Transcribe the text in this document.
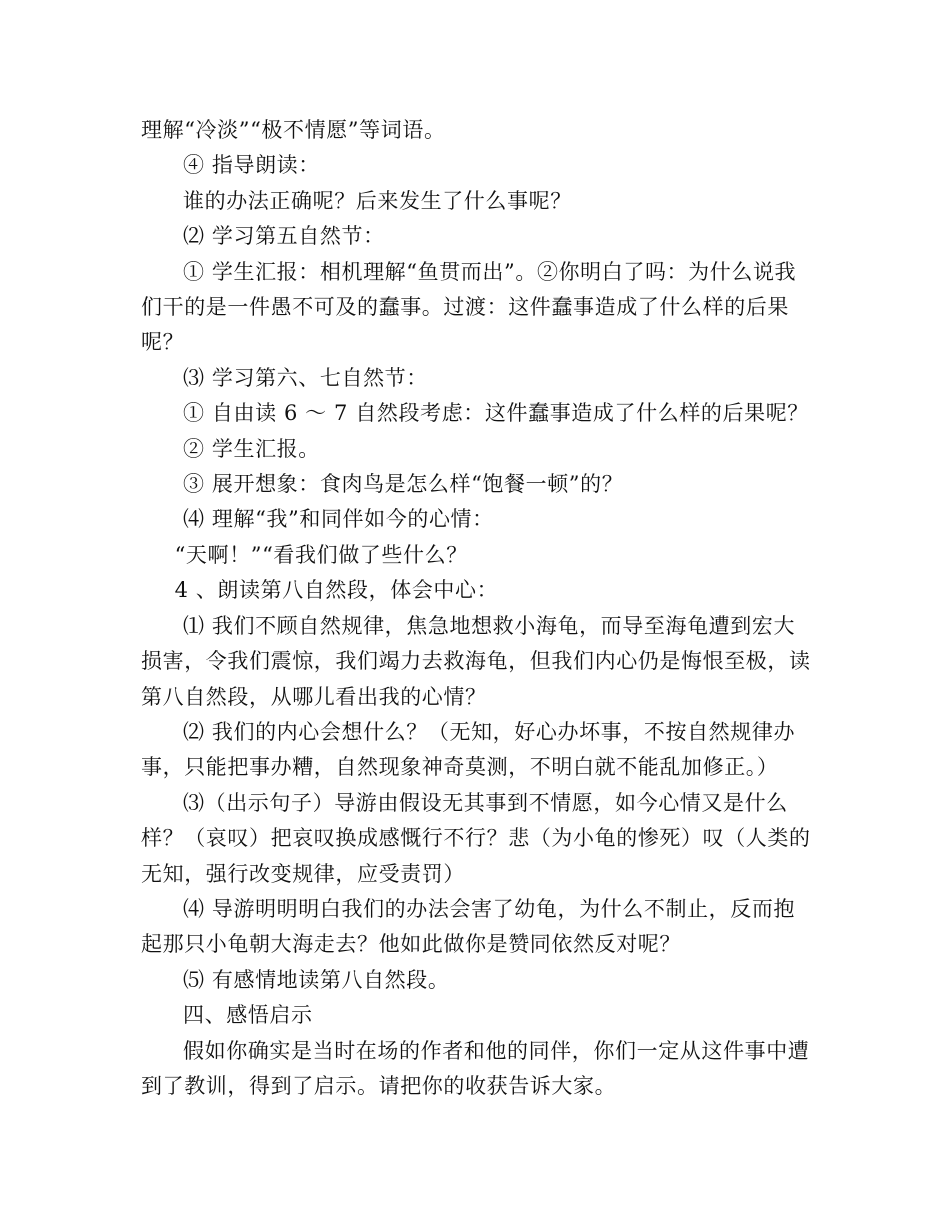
理解“冷淡”“极不情愿”等词语。

④ 指导朗读：

谁的办法正确呢？后来发生了什么事呢？

⑵ 学习第五自然节：

① 学生汇报：相机理解“鱼贯而出”。②你明白了吗：为什么说我们干的是一件愚不可及的蠢事。过渡：这件蠢事造成了什么样的后果呢？

⑶ 学习第六、七自然节：

① 自由读 6 ～ 7 自然段考虑：这件蠢事造成了什么样的后果呢？

② 学生汇报。

③ 展开想象：食肉鸟是怎么样“饱餐一顿”的？

⑷ 理解“我”和同伴如今的心情：

“天啊！”“看我们做了些什么？

4 、朗读第八自然段，体会中心：

⑴ 我们不顾自然规律，焦急地想救小海龟，而导至海龟遭到宏大损害，令我们震惊，我们竭力去救海龟，但我们内心仍是悔恨至极，读第八自然段，从哪儿看出我的心情？

⑵ 我们的内心会想什么？（无知，好心办坏事，不按自然规律办事，只能把事办糟，自然现象神奇莫测，不明白就不能乱加修正。）

⑶（出示句子）导游由假设无其事到不情愿，如今心情又是什么样？（哀叹）把哀叹换成感慨行不行？悲（为小龟的惨死）叹（人类的无知，强行改变规律，应受责罚）

⑷ 导游明明明白我们的办法会害了幼龟，为什么不制止，反而抱起那只小龟朝大海走去？他如此做你是赞同依然反对呢？

⑸ 有感情地读第八自然段。

四、感悟启示

假如你确实是当时在场的作者和他的同伴，你们一定从这件事中遭到了教训，得到了启示。请把你的收获告诉大家。
